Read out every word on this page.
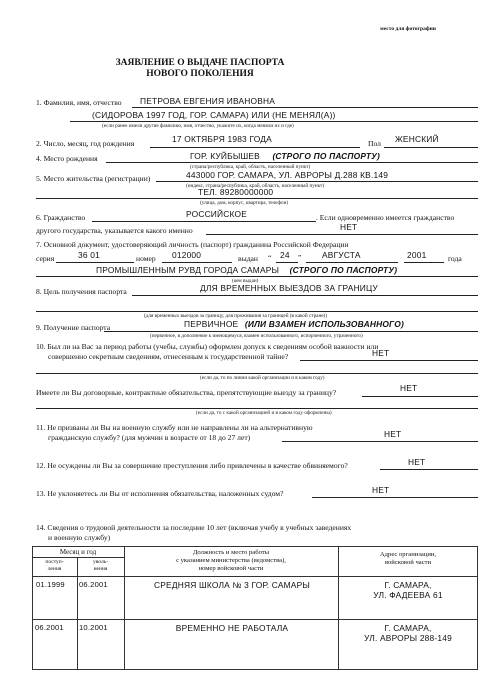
место для фотографии
ЗАЯВЛЕНИЕ О ВЫДАЧЕ ПАСПОРТА
НОВОГО ПОКОЛЕНИЯ
1. Фамилия, имя, отчество ПЕТРОВА ЕВГЕНИЯ ИВАНОВНА
(СИДОРОВА 1997 ГОД, ГОР. САМАРА) ИЛИ (НЕ МЕНЯЛ(А))
(если ранее имели другие фамилию, имя, отчество, укажите их, когда меняли их и где)
2. Число, месяц, год рождения	17 ОКТЯБРЯ 1983 ГОДА	Пол ЖЕНСКИЙ
4. Место рождения	ГОР. КУЙБЫШЕВ (СТРОГО ПО ПАСПОРТУ)
(страна/республика, край, область, населенный пункт)
5. Место жительства (регистрации)	443000 ГОР. САМАРА, УЛ. АВРОРЫ Д.288 КВ.149
(индекс, страна/республика, край, область, населенный пункт)
ТЕЛ. 89280000000
(улица, дом, корпус, квартира, телефон)
6. Гражданство	РОССИЙСКОЕ	. Если одновременно имеется гражданство
другого государства, указывается какого именно	НЕТ
7. Основной документ, удостоверяющий личность (паспорт) гражданина Российской Федерации
серия	36 01	номер 012000	выдан “ 24 ” АВГУСТА	2001	года
ПРОМЫШЛЕННЫМ РУВД ГОРОДА САМАРЫ (СТРОГО ПО ПАСПОРТУ)
(кем выдан)
8. Цель получения паспорта	ДЛЯ ВРЕМЕННЫХ ВЫЕЗДОВ ЗА ГРАНИЦУ
(для временных выездов за границу, для проживания за границей (в какой стране))
9. Получение паспорта	ПЕРВИЧНОЕ (ИЛИ ВЗАМЕН ИСПОЛЬЗОВАННОГО)
(первичное, в дополнение к имеющемуся, взамен использованного, испорченного, утраченного)
10. Был ли на Вас за период работы (учебы, службы) оформлен допуск к сведениям особой важности или
совершенно секретным сведениям, отнесенным к государственной тайне?	НЕТ
(если да, то по линии какой организации и в каком году)
Имеете ли Вы договорные, контрактные обязательства, препятствующие выезду за границу?	НЕТ
(если да, то с какой организацией и в каком году оформлены)
11. Не призваны ли Вы на военную службу или не направлены ли на альтернативную
гражданскую службу? (для мужчин в возрасте от 18 до 27 лет)	НЕТ
12. Не осуждены ли Вы за совершение преступления либо привлечены в качестве обвиняемого?	НЕТ
13. Не уклоняетесь ли Вы от исполнения обязательства, наложенных судом?	НЕТ
14. Сведения о трудовой деятельности за последние 10 лет (включая учебу в учебных заведениях
и военную службу)
Месяц и год
поступ-
ления
уволь-
нения
Должность и место работы
с указанием министерства (ведомства),
номер войсковой части
Адрес организации,
войсковой части
01.1999 06.2001	СРЕДНЯЯ ШКОЛА № 3 ГОР. САМАРЫ	Г. САМАРА,
УЛ. ФАДЕЕВА 61
06.2001 10.2001	ВРЕМЕННО НЕ РАБОТАЛА	Г. САМАРА,
УЛ. АВРОРЫ 288-149
